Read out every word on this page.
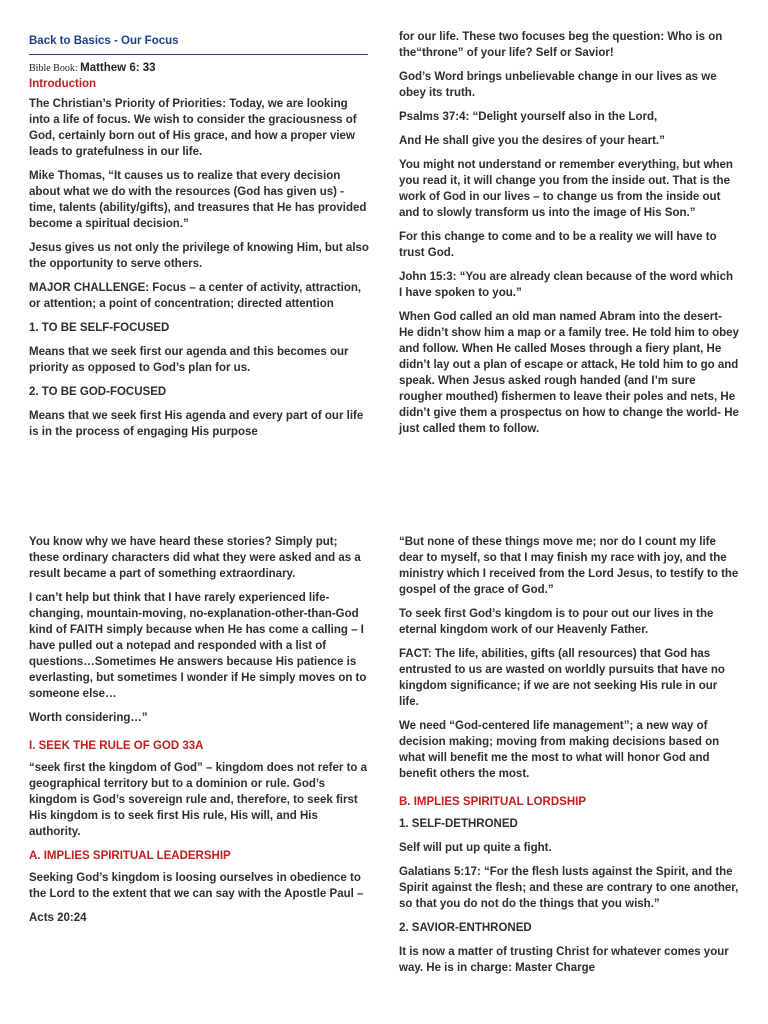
Back to Basics - Our Focus
Bible Book: Matthew 6: 33
Introduction

The Christian’s Priority of Priorities: Today, we are looking into a life of focus. We wish to consider the graciousness of God, certainly born out of His grace, and how a proper view leads to gratefulness in our life.

Mike Thomas, “It causes us to realize that every decision about what we do with the resources (God has given us) - time, talents (ability/gifts), and treasures that He has provided become a spiritual decision.”

Jesus gives us not only the privilege of knowing Him, but also the opportunity to serve others.

MAJOR CHALLENGE: Focus – a center of activity, attraction, or attention; a point of concentration; directed attention

1. TO BE SELF-FOCUSED

Means that we seek first our agenda and this becomes our priority as opposed to God’s plan for us.

2. TO BE GOD-FOCUSED

Means that we seek first His agenda and every part of our life is in the process of engaging His purpose

for our life. These two focuses beg the question: Who is on the“throne” of your life? Self or Savior!

God’s Word brings unbelievable change in our lives as we obey its truth.

Psalms 37:4: “Delight yourself also in the Lord,

And He shall give you the desires of your heart.”

You might not understand or remember everything, but when you read it, it will change you from the inside out. That is the work of God in our lives – to change us from the inside out and to slowly transform us into the image of His Son.”

For this change to come and to be a reality we will have to trust God.

John 15:3: “You are already clean because of the word which I have spoken to you.”

When God called an old man named Abram into the desert- He didn’t show him a map or a family tree. He told him to obey and follow. When He called Moses through a fiery plant, He didn’t lay out a plan of escape or attack, He told him to go and speak. When Jesus asked rough handed (and I’m sure rougher mouthed) fishermen to leave their poles and nets, He didn’t give them a prospectus on how to change the world- He just called them to follow.

You know why we have heard these stories? Simply put; these ordinary characters did what they were asked and as a result became a part of something extraordinary.

I can’t help but think that I have rarely experienced life-changing, mountain-moving, no-explanation-other-than-God kind of FAITH simply because when He has come a calling – I have pulled out a notepad and responded with a list of questions…Sometimes He answers because His patience is everlasting, but sometimes I wonder if He simply moves on to someone else…

Worth considering…”

I. SEEK THE RULE OF GOD 33A

“seek first the kingdom of God” – kingdom does not refer to a geographical territory but to a dominion or rule. God’s kingdom is God’s sovereign rule and, therefore, to seek first His kingdom is to seek first His rule, His will, and His authority.

A. IMPLIES SPIRITUAL LEADERSHIP

Seeking God’s kingdom is loosing ourselves in obedience to the Lord to the extent that we can say with the Apostle Paul –

Acts 20:24

“But none of these things move me; nor do I count my life dear to myself, so that I may finish my race with joy, and the ministry which I received from the Lord Jesus, to testify to the gospel of the grace of God.”

To seek first God’s kingdom is to pour out our lives in the eternal kingdom work of our Heavenly Father.

FACT: The life, abilities, gifts (all resources) that God has entrusted to us are wasted on worldly pursuits that have no kingdom significance; if we are not seeking His rule in our life.

We need “God-centered life management”; a new way of decision making; moving from making decisions based on what will benefit me the most to what will honor God and benefit others the most.

B. IMPLIES SPIRITUAL LORDSHIP

1. SELF-DETHRONED

Self will put up quite a fight.

Galatians 5:17: “For the flesh lusts against the Spirit, and the Spirit against the flesh; and these are contrary to one another, so that you do not do the things that you wish.”

2. SAVIOR-ENTHRONED

It is now a matter of trusting Christ for whatever comes your way. He is in charge: Master Charge
